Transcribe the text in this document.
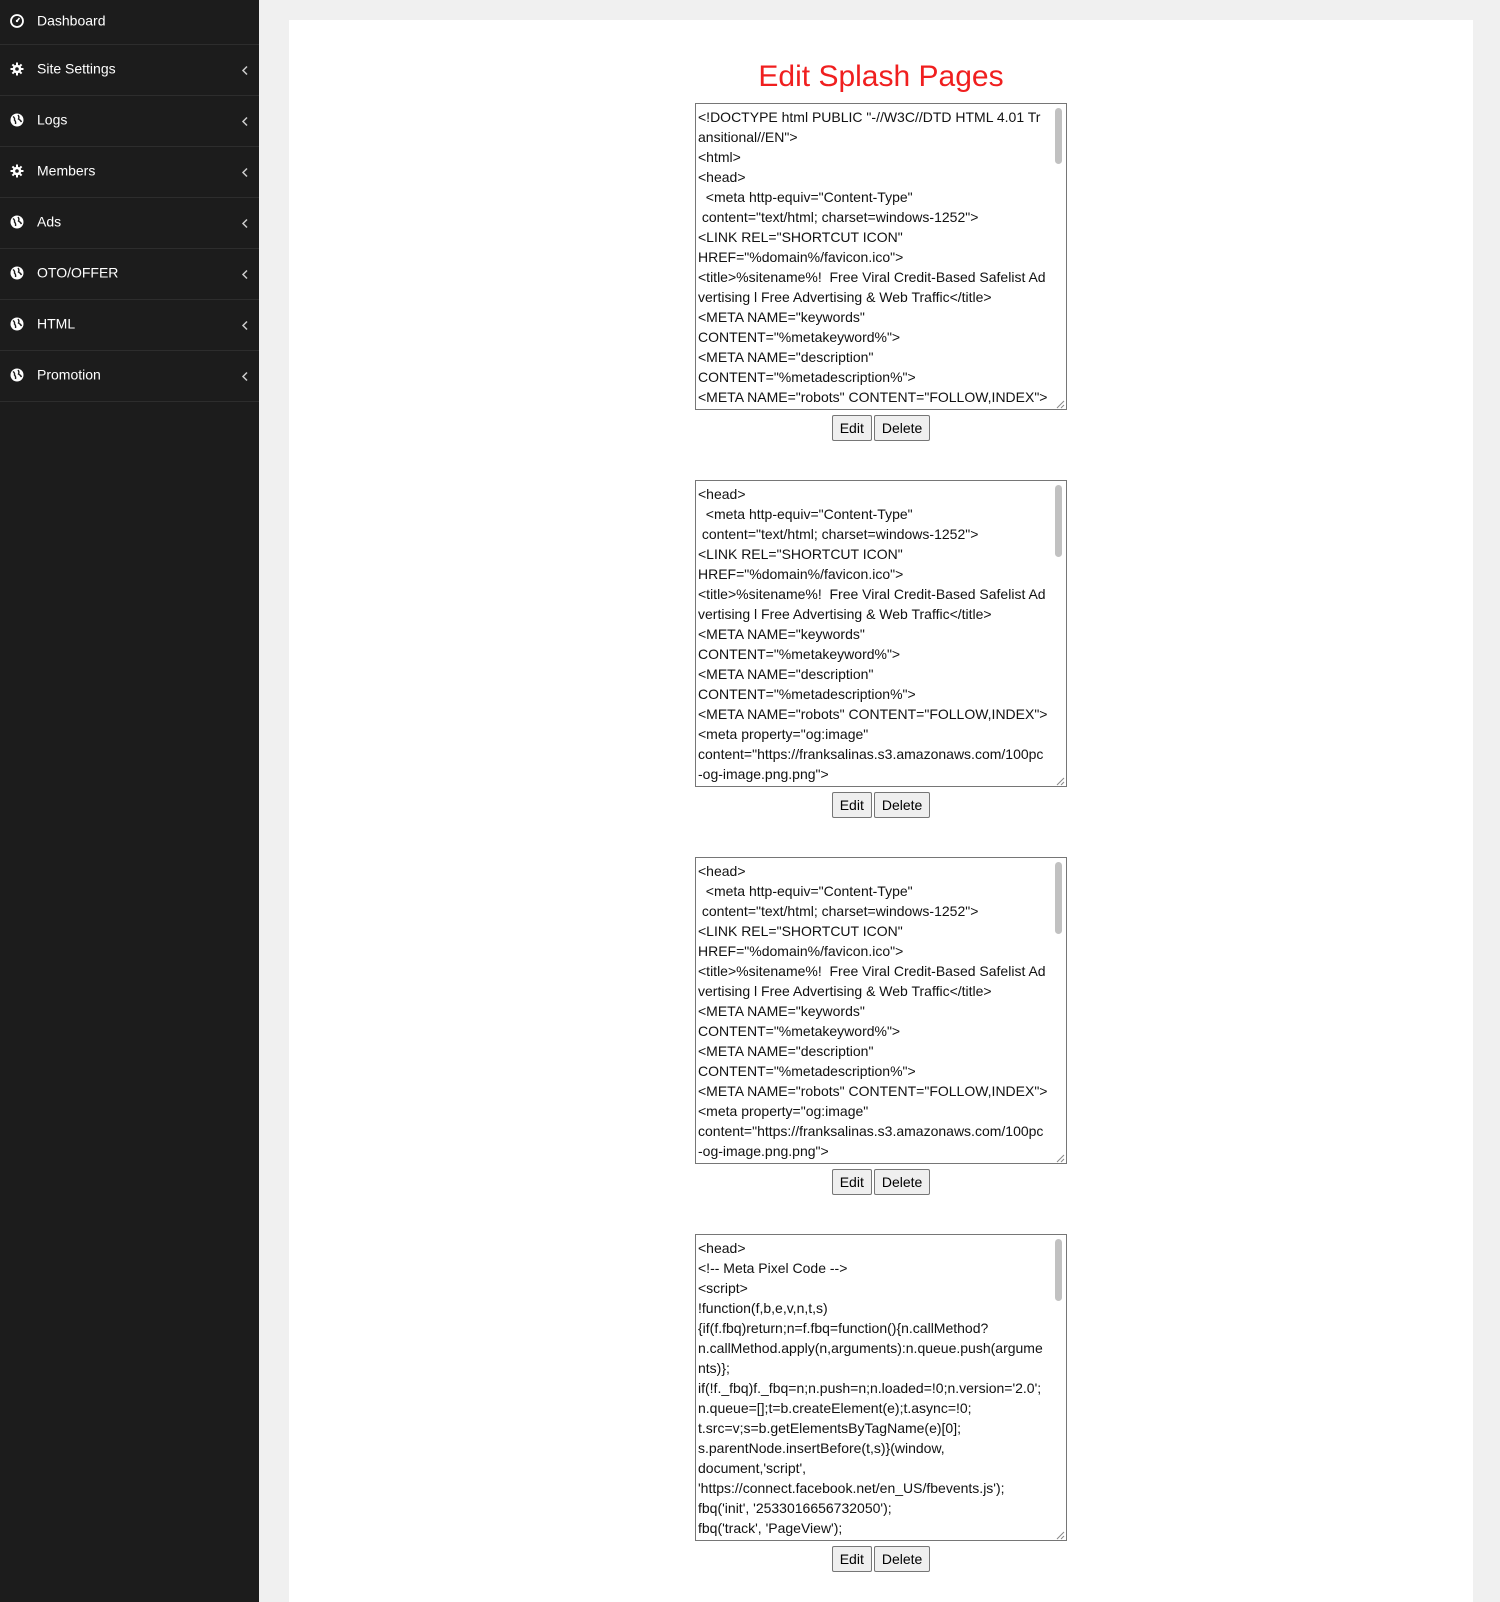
Dashboard
Site Settings
Logs
Members
Ads
OTO/OFFER
HTML
Promotion
Edit Splash Pages
<!DOCTYPE html PUBLIC "-//W3C//DTD HTML 4.01 Transitional//EN">
<html>
<head>
<meta http-equiv="Content-Type"
content="text/html; charset=windows-1252">
<LINK REL="SHORTCUT ICON"
HREF="%domain%/favicon.ico">
<title>%sitename%!  Free Viral Credit-Based Safelist Advertising l Free Advertising & Web Traffic</title>
<META NAME="keywords"
CONTENT="%metakeyword%">
<META NAME="description"
CONTENT="%metadescription%">
<META NAME="robots" CONTENT="FOLLOW,INDEX">
Edit	Delete
<head>
<meta http-equiv="Content-Type"
content="text/html; charset=windows-1252">
<LINK REL="SHORTCUT ICON"
HREF="%domain%/favicon.ico">
<title>%sitename%!  Free Viral Credit-Based Safelist Advertising l Free Advertising & Web Traffic</title>
<META NAME="keywords"
CONTENT="%metakeyword%">
<META NAME="description"
CONTENT="%metadescription%">
<META NAME="robots" CONTENT="FOLLOW,INDEX">
<meta property="og:image"
content="https://franksalinas.s3.amazonaws.com/100pc-og-image.png.png">
Edit	Delete
<head>
<meta http-equiv="Content-Type"
content="text/html; charset=windows-1252">
<LINK REL="SHORTCUT ICON"
HREF="%domain%/favicon.ico">
<title>%sitename%!  Free Viral Credit-Based Safelist Advertising l Free Advertising & Web Traffic</title>
<META NAME="keywords"
CONTENT="%metakeyword%">
<META NAME="description"
CONTENT="%metadescription%">
<META NAME="robots" CONTENT="FOLLOW,INDEX">
<meta property="og:image"
content="https://franksalinas.s3.amazonaws.com/100pc-og-image.png.png">
Edit	Delete
<head>
<!-- Meta Pixel Code -->
<script>
!function(f,b,e,v,n,t,s)
{if(f.fbq)return;n=f.fbq=function(){n.callMethod?
n.callMethod.apply(n,arguments):n.queue.push(arguments)};
if(!f._fbq)f._fbq=n;n.push=n;n.loaded=!0;n.version='2.0';
n.queue=[];t=b.createElement(e);t.async=!0;
t.src=v;s=b.getElementsByTagName(e)[0];
s.parentNode.insertBefore(t,s)}(window,
document,'script',
'https://connect.facebook.net/en_US/fbevents.js');
fbq('init', '2533016656732050');
fbq('track', 'PageView');
Edit	Delete
